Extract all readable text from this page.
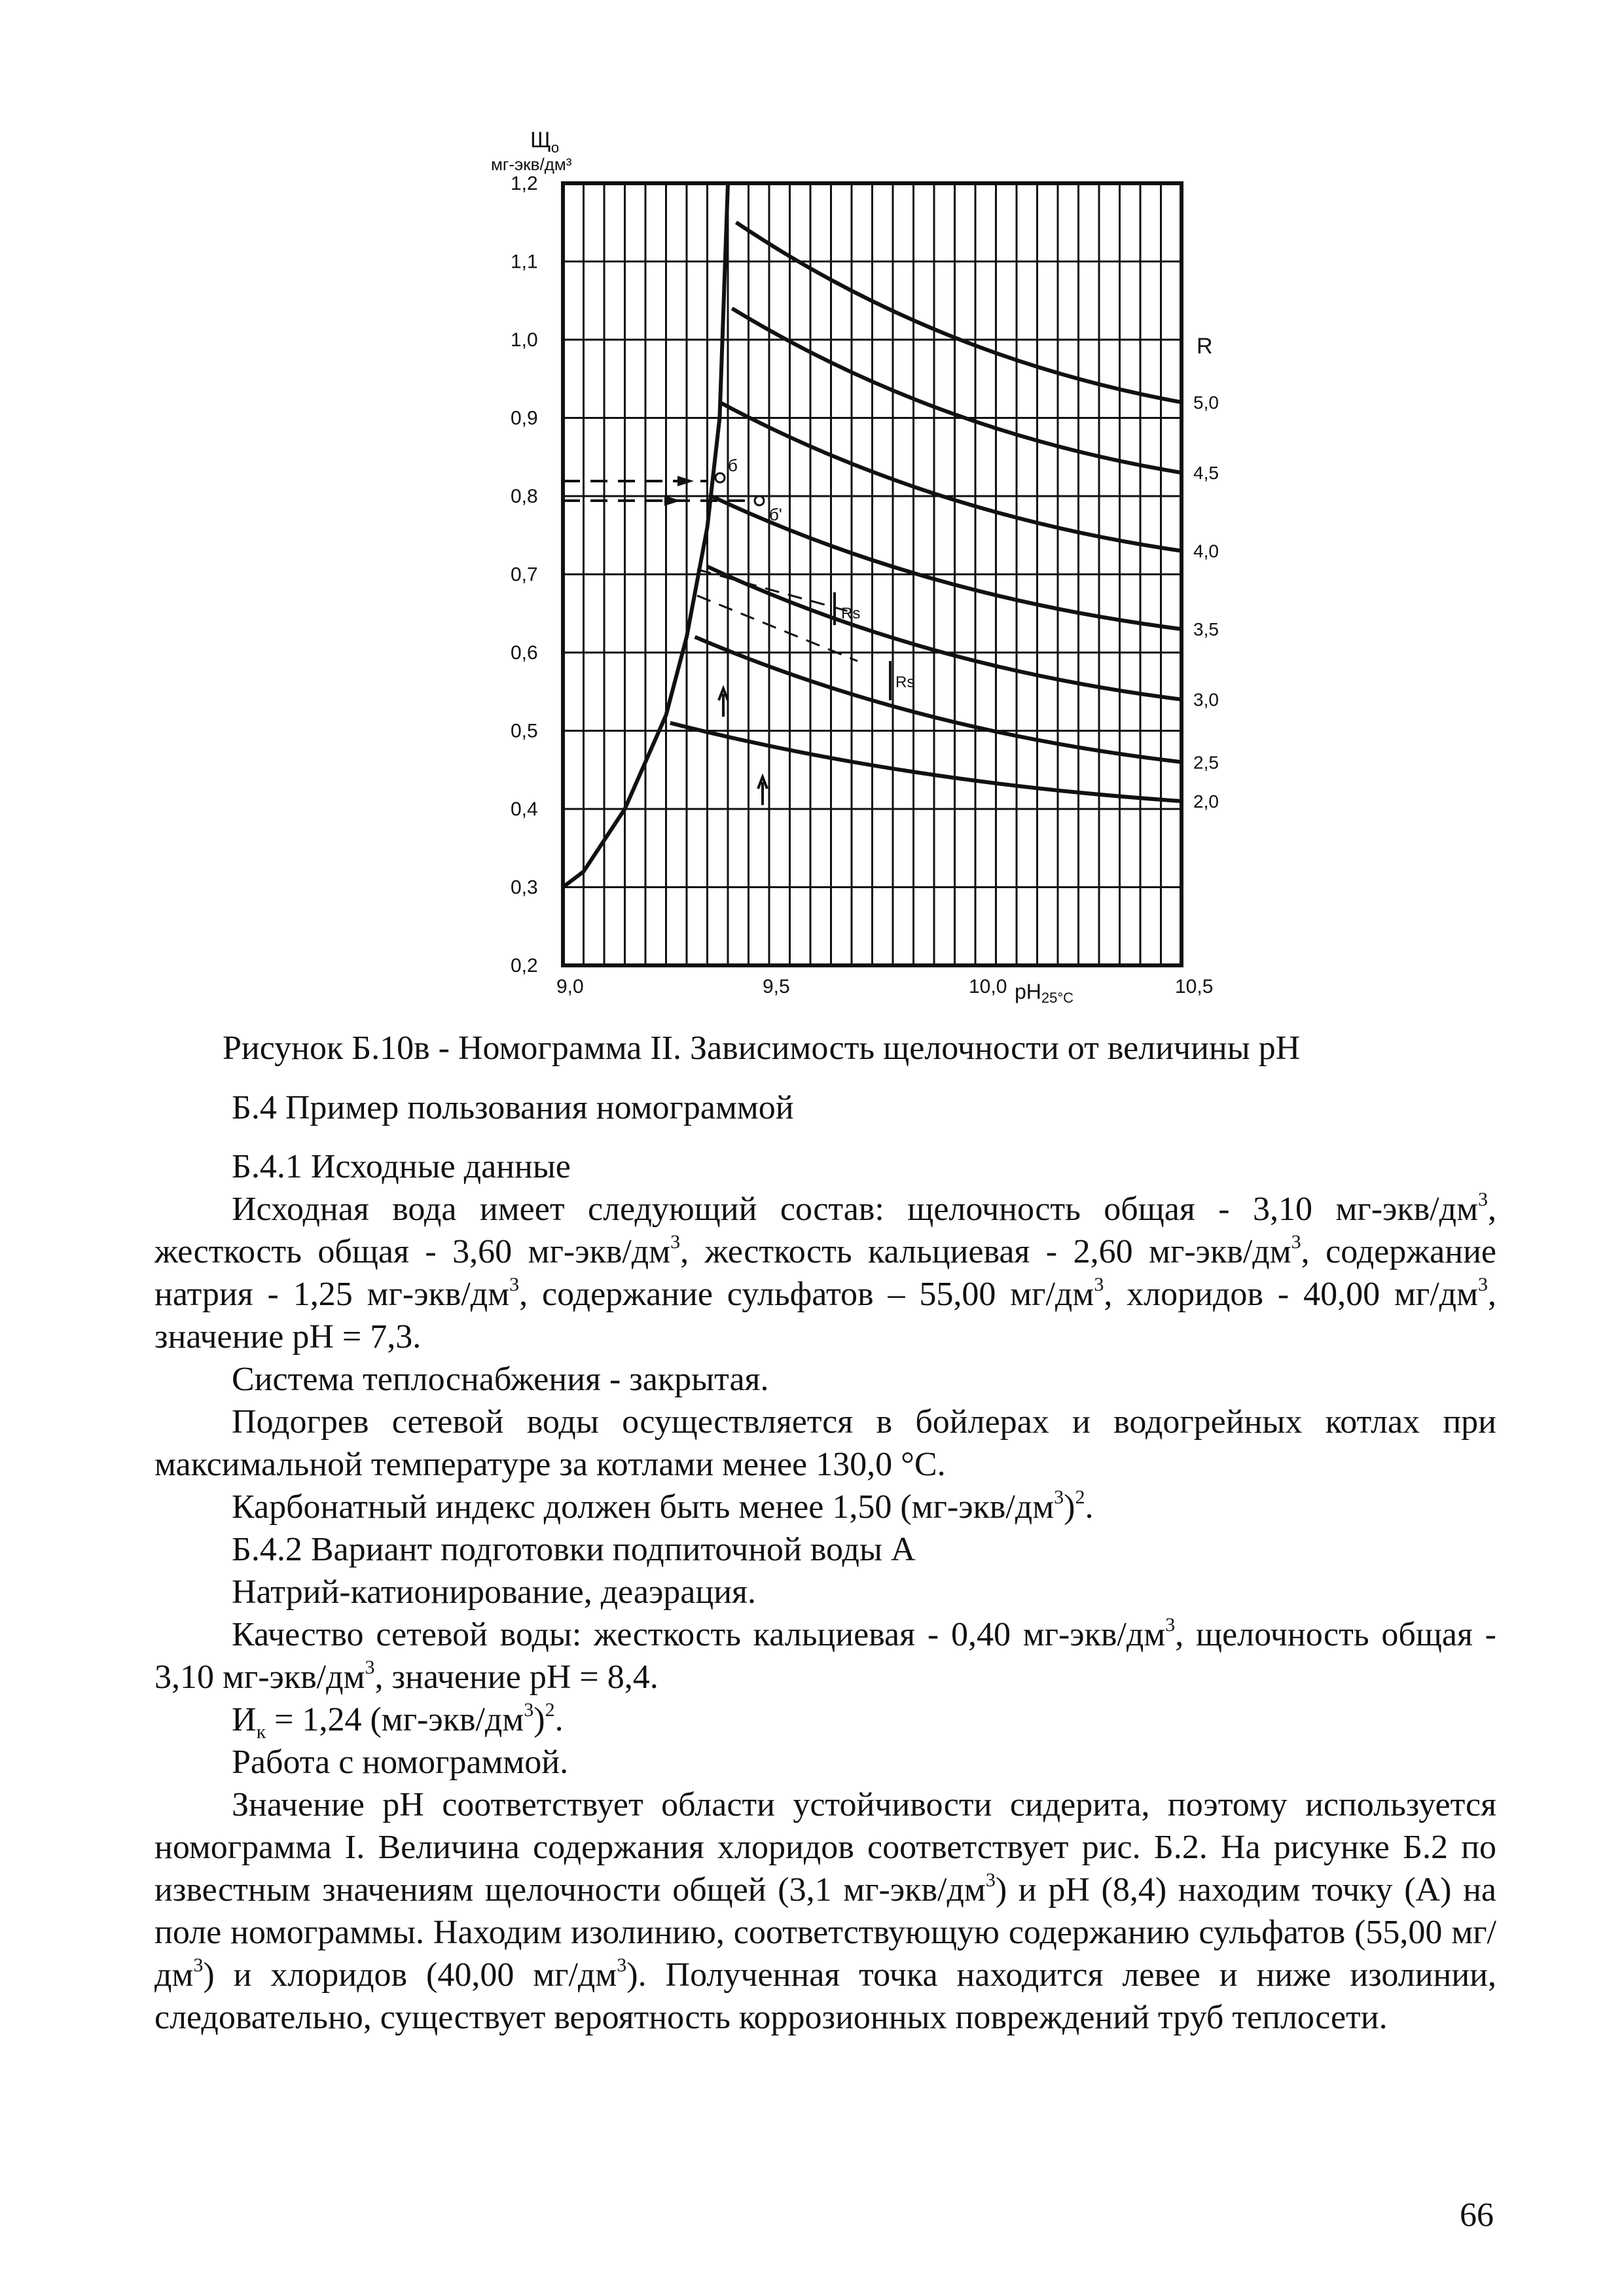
0,2
0,3
0,4
0,5
0,6
0,7
0,8
0,9
1,0
1,1
1,2
9,0	9,5	10,0	10,5
5,0
4,5
4,0
3,5
3,0
2,5
2,0
$Щ_о$
мг-экв/дм³
pH25°C
R
б
б'
Rs
Rs
Рисунок Б.10в - Номограмма II. Зависимость щелочности от величины pH

Б.4 Пример пользования номограммой

Б.4.1 Исходные данные

Исходная вода имеет следующий состав: щелочность общая - 3,10 $мг-экв/дм^3$, жесткость общая - 3,60 $мг-экв/дм^3$, жесткость кальциевая - 2,60 $мг-экв/дм^3$, содержание натрия - 1,25 $мг-экв/дм^3$, содержание сульфатов – 55,00 $мг/дм^3$, хлоридов - 40,00 $мг/дм^3$, значение pH = 7,3.

Система теплоснабжения - закрытая.

Подогрев сетевой воды осуществляется в бойлерах и водогрейных котлах при максимальной температуре за котлами менее 130,0 °С.

Карбонатный индекс должен быть менее 1,50 $(мг-экв/дм^3)^2$.

Б.4.2 Вариант подготовки подпиточной воды А

Натрий-катионирование, деаэрация.

Качество сетевой воды: жесткость кальциевая - 0,40 $мг-экв/дм^3$, щелочность общая - 3,10 $мг-экв/дм^3$, значение pH = 8,4.

$И_к = 1,24$ $(мг-экв/дм^3)^2$.

Работа с номограммой.

Значение pH соответствует области устойчивости сидерита, поэтому используется номограмма I. Величина содержания хлоридов соответствует рис. Б.2. На рисунке Б.2 по известным значениям щелочности общей (3,1 $мг-экв/дм^3$) и pH (8,4) находим точку (А) на поле номограммы. Находим изолинию, соответствующую содержанию сульфатов (55,00 $мг/дм^3$) и хлоридов (40,00 $мг/дм^3$). Полученная точка находится левее и ниже изолинии, следовательно, существует вероятность коррозионных повреждений труб теплосети.

66
